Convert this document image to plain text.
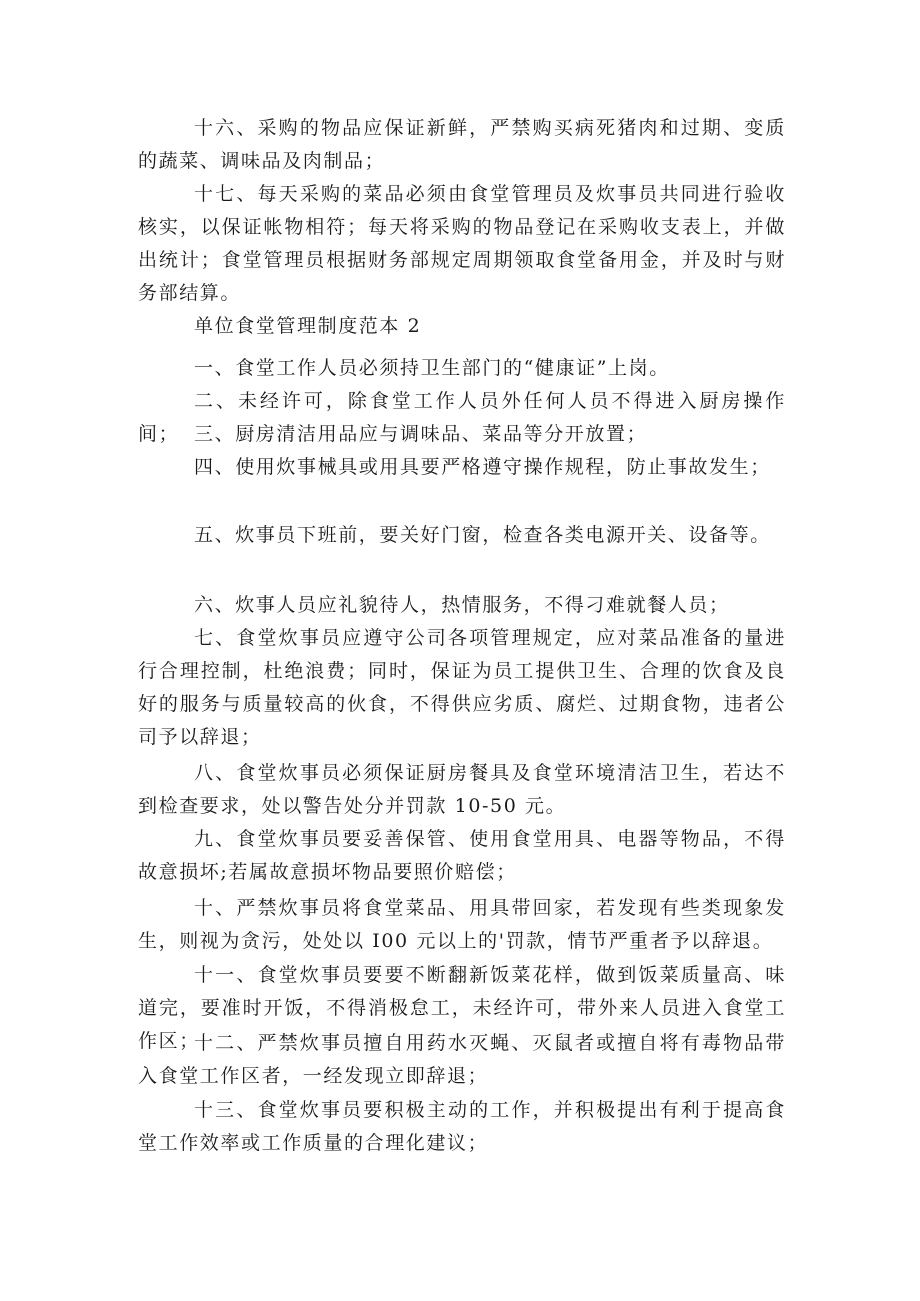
十六、采购的物品应保证新鲜，严禁购买病死猪肉和过期、变质的蔬菜、调味品及肉制品；

十七、每天采购的菜品必须由食堂管理员及炊事员共同进行验收核实，以保证帐物相符；每天将采购的物品登记在采购收支表上，并做出统计；食堂管理员根据财务部规定周期领取食堂备用金，并及时与财务部结算。

单位食堂管理制度范本 2

一、食堂工作人员必须持卫生部门的“健康证”上岗。

二、未经许可，除食堂工作人员外任何人员不得进入厨房操作间； 三、厨房清洁用品应与调味品、菜品等分开放置；

四、使用炊事械具或用具要严格遵守操作规程，防止事故发生；

五、炊事员下班前，要关好门窗，检查各类电源开关、设备等。

六、炊事人员应礼貌待人，热情服务，不得刁难就餐人员；

七、食堂炊事员应遵守公司各项管理规定，应对菜品准备的量进行合理控制，杜绝浪费；同时，保证为员工提供卫生、合理的饮食及良好的服务与质量较高的伙食，不得供应劣质、腐烂、过期食物，违者公司予以辞退；

八、食堂炊事员必须保证厨房餐具及食堂环境清洁卫生，若达不到检查要求，处以警告处分并罚款 10-50 元。

九、食堂炊事员要妥善保管、使用食堂用具、电器等物品，不得故意损坏;若属故意损坏物品要照价赔偿；

十、严禁炊事员将食堂菜品、用具带回家，若发现有些类现象发生，则视为贪污，处处以 I00 元以上的'罚款，情节严重者予以辞退。

十一、食堂炊事员要要不断翻新饭菜花样，做到饭菜质量高、味道完，要准时开饭，不得消极怠工，未经许可，带外来人员进入食堂工作区；

十二、严禁炊事员擅自用药水灭蝇、灭鼠者或擅自将有毒物品带入食堂工作区者，一经发现立即辞退；

十三、食堂炊事员要积极主动的工作，并积极提出有利于提高食堂工作效率或工作质量的合理化建议；
